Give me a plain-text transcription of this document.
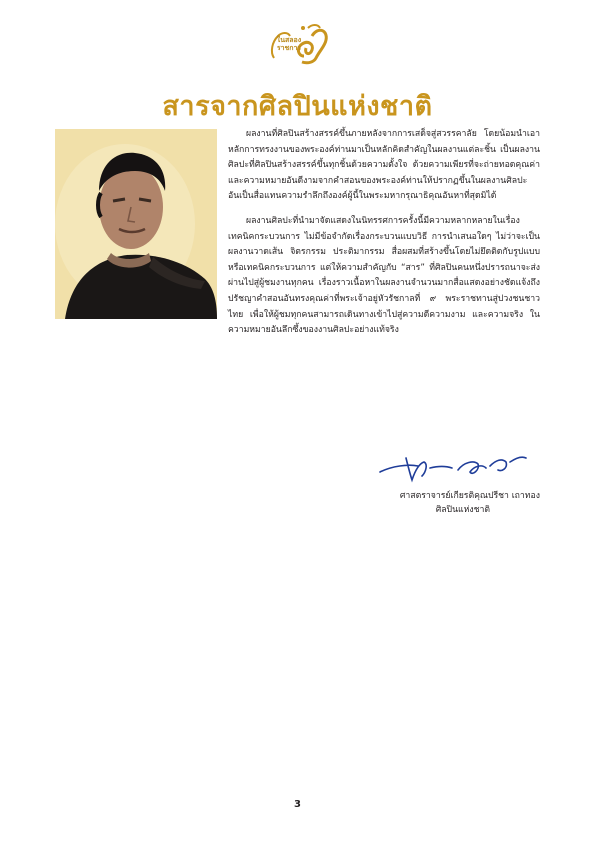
ในสลองราชการ
สารจากศิลปินแห่งชาติ

ผลงานที่ศิลปินสร้างสรรค์ขึ้นภายหลังจากการเสด็จสู่สวรรคาลัย โดยน้อมนำเอาหลักการทรงงานของพระองค์ท่านมาเป็นหลักคิดสำคัญในผลงานแต่ละชิ้น เป็นผลงานศิลปะที่ศิลปินสร้างสรรค์ขึ้นทุกชิ้นด้วยความตั้งใจ ด้วยความเพียรที่จะถ่ายทอดคุณค่าและความหมายอันดีงามจากคำสอนของพระองค์ท่านให้ปรากฏขึ้นในผลงานศิลปะ อันเป็นสื่อแทนความรำลึกถึงองค์ผู้นี้ในพระมหากรุณาธิคุณอันหาที่สุดมิได้

ผลงานศิลปะที่นำมาจัดแสดงในนิทรรศการครั้งนี้มีความหลากหลายในเรื่องเทคนิคกระบวนการ ไม่มีข้อจำกัดเรื่องกระบวนแบบวิธี การนำเสนอใดๆ ไม่ว่าจะเป็นผลงานวาดเส้น จิตรกรรม ประติมากรรม สื่อผสมที่สร้างขึ้นโดยไม่ยึดติดกับรูปแบบหรือเทคนิคกระบวนการ แต่ให้ความสำคัญกับ “สาร” ที่ศิลปินคนหนึ่งปรารถนาจะส่งผ่านไปสู่ผู้ชมงานทุกคน เรื่องราวเนื้อหาในผลงานจำนวนมากสื่อแสดงอย่างชัดแจ้งถึงปรัชญาคำสอนอันทรงคุณค่าที่พระเจ้าอยู่หัวรัชกาลที่ ๙ พระราชทานสู่ปวงชนชาวไทย เพื่อให้ผู้ชมทุกคนสามารถเดินทางเข้าไปสู่ความดีความงาม และความจริง ในความหมายอันลึกซึ้งของงานศิลปะอย่างแท้จริง

ศาสตราจารย์เกียรติคุณปรีชา เถาทอง
ศิลปินแห่งชาติ
3
